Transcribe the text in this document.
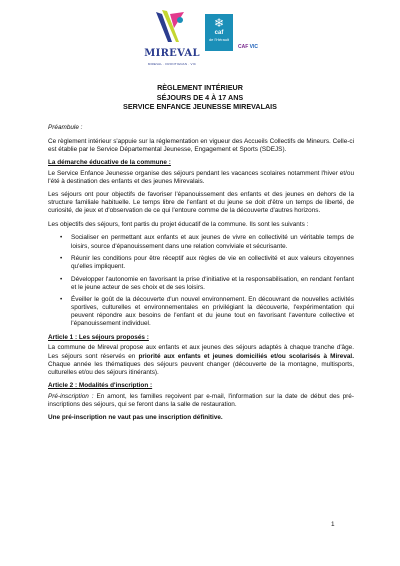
MIREVAL
MIREVAL · FRONTIGNAN · VIC
❄
caf
de l'Hérault
CAF VIC
RÈGLEMENT INTÉRIEUR
SÉJOURS DE 4 À 17 ANS
SERVICE ENFANCE JEUNESSE MIREVALAIS

Préambule :

Ce règlement intérieur s'appuie sur la réglementation en vigueur des Accueils Collectifs de Mineurs. Celle-ci est établie par le Service Départemental Jeunesse, Engagement et Sports (SDEJS).

La démarche éducative de la commune :

Le Service Enfance Jeunesse organise des séjours pendant les vacances scolaires notamment l'hiver et/ou l'été à destination des enfants et des jeunes Mirevalais.

Les séjours ont pour objectifs de favoriser l'épanouissement des enfants et des jeunes en dehors de la structure familiale habituelle. Le temps libre de l'enfant et du jeune se doit d'être un temps de liberté, de curiosité, de jeux et d'observation de ce qui l'entoure comme de la découverte d'autres horizons.

Les objectifs des séjours, font partis du projet éducatif de la commune. Ils sont les suivants :

• Socialiser en permettant aux enfants et aux jeunes de vivre en collectivité un véritable temps de loisirs, source d'épanouissement dans une relation conviviale et sécurisante.
• Réunir les conditions pour être réceptif aux règles de vie en collectivité et aux valeurs citoyennes qu'elles impliquent.
• Développer l'autonomie en favorisant la prise d'initiative et la responsabilisation, en rendant l'enfant et le jeune acteur de ses choix et de ses loisirs.
• Éveiller le goût de la découverte d'un nouvel environnement. En découvrant de nouvelles activités sportives, culturelles et environnementales en privilégiant la découverte, l'expérimentation qui peuvent répondre aux besoins de l'enfant et du jeune tout en favorisant l'aventure collective et l'épanouissement individuel.

Article 1 : Les séjours proposés :

La commune de Mireval propose aux enfants et aux jeunes des séjours adaptés à chaque tranche d'âge. Les séjours sont réservés en priorité aux enfants et jeunes domiciliés et/ou scolarisés à Mireval. Chaque année les thématiques des séjours peuvent changer (découverte de la montagne, multisports, culturelles et/ou des séjours itinérants).

Article 2 : Modalités d'inscription :

Pré-inscription : En amont, les familles reçoivent par e-mail, l'information sur la date de début des pré-inscriptions des séjours, qui se feront dans la salle de restauration.

Une pré-inscription ne vaut pas une inscription définitive.

1
